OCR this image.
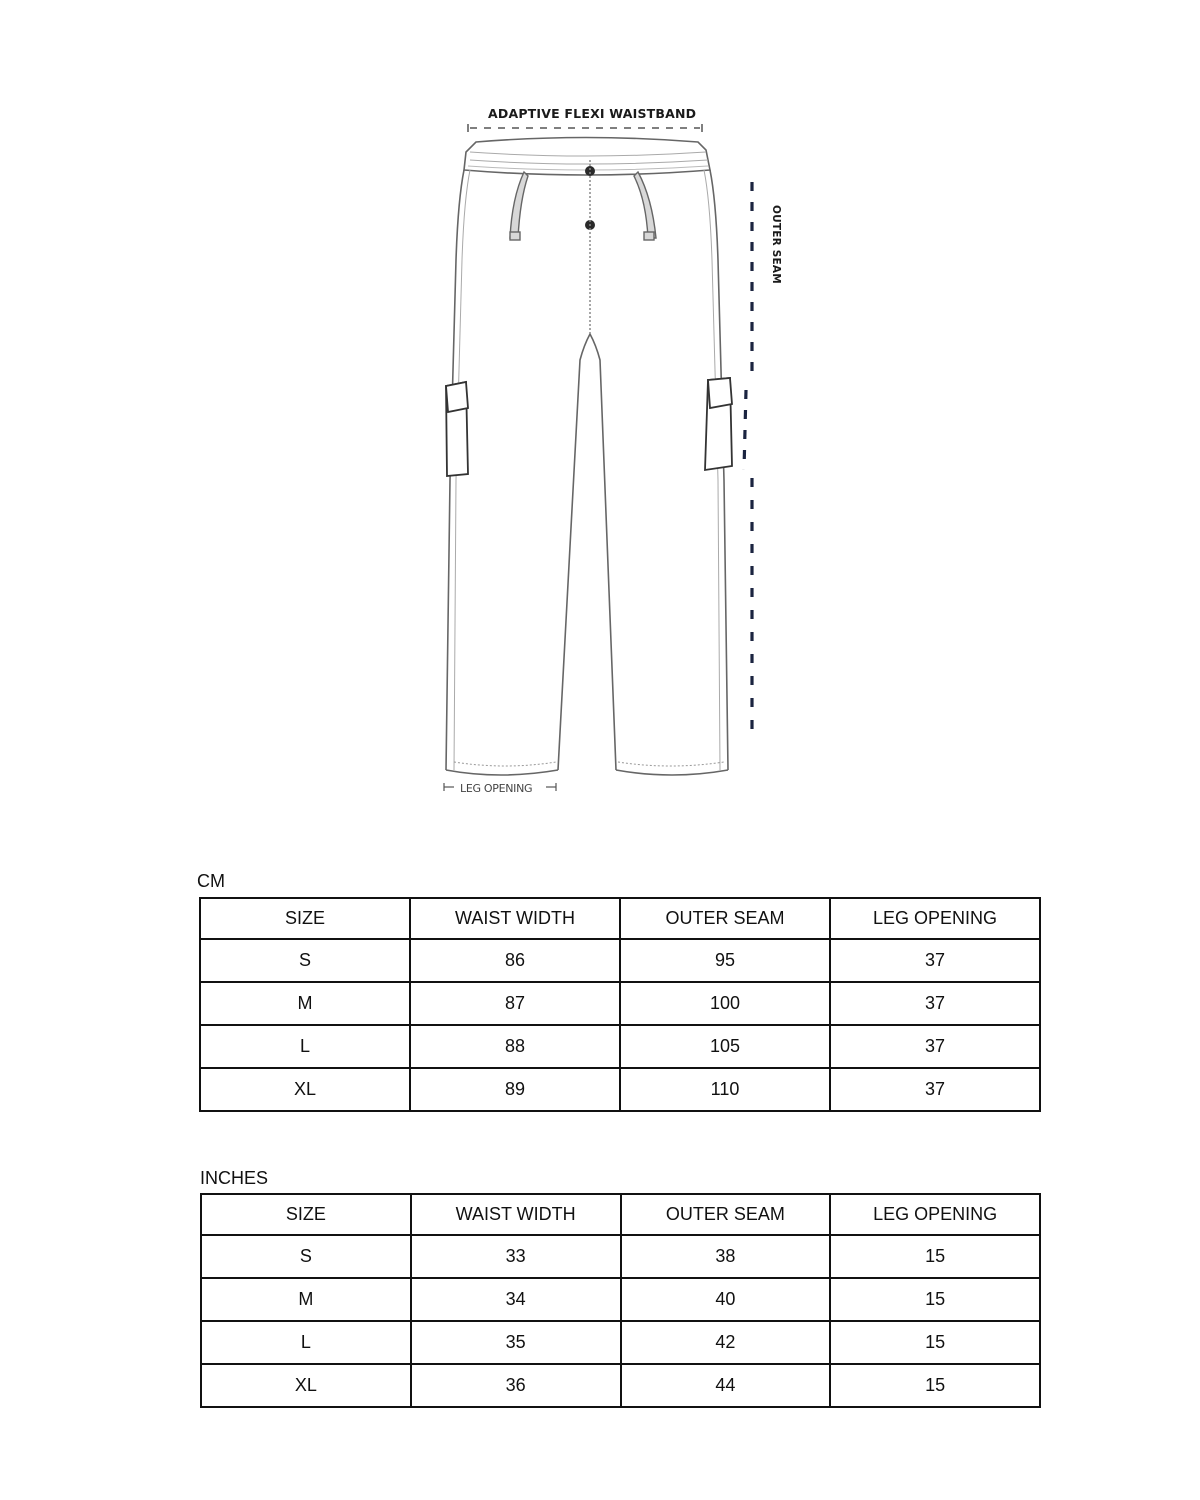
ADAPTIVE FLEXI WAISTBAND
OUTER SEAM
LEG OPENING
CM
SIZE	WAIST WIDTH	OUTER SEAM	LEG OPENING
S	86	95	37
M	87	100	37
L	88	105	37
XL	89	110	37
INCHES
SIZE	WAIST WIDTH	OUTER SEAM	LEG OPENING
S	33	38	15
M	34	40	15
L	35	42	15
XL	36	44	15
